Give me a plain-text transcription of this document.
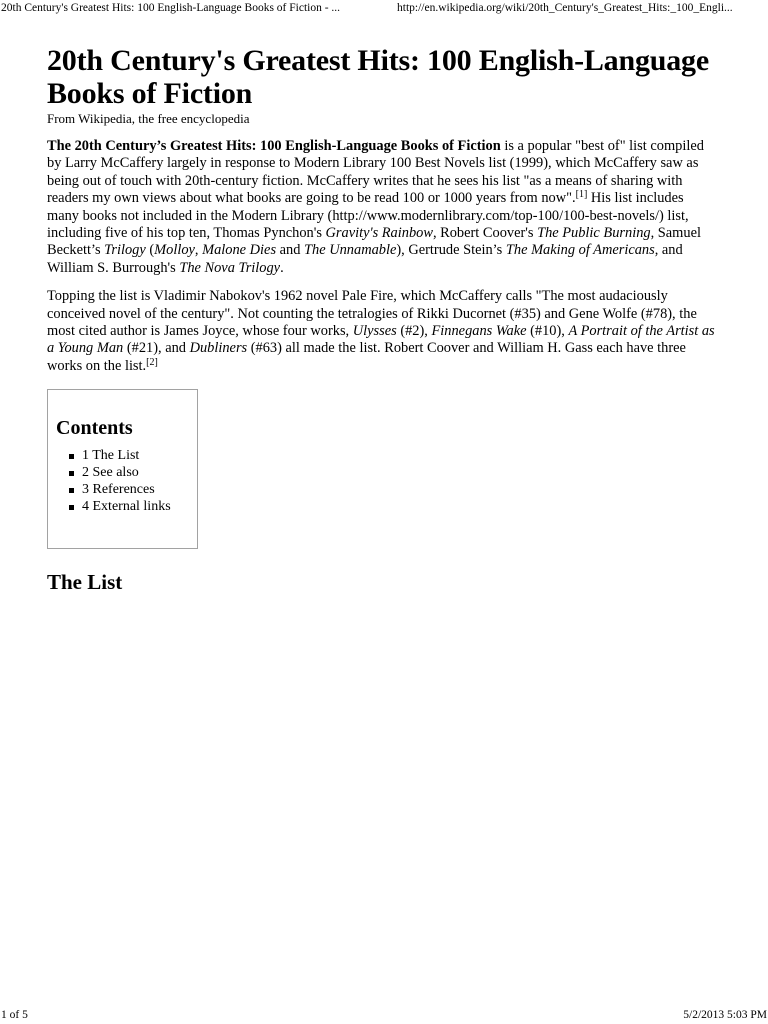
20th Century's Greatest Hits: 100 English-Language Books of Fiction - ...	http://en.wikipedia.org/wiki/20th_Century's_Greatest_Hits:_100_Engli...
20th Century's Greatest Hits: 100 English-Language Books of Fiction
From Wikipedia, the free encyclopedia

The 20th Century’s Greatest Hits: 100 English-Language Books of Fiction is a popular "best of" list compiled by Larry McCaffery largely in response to Modern Library 100 Best Novels list (1999), which McCaffery saw as being out of touch with 20th-century fiction. McCaffery writes that he sees his list "as a means of sharing with readers my own views about what books are going to be read 100 or 1000 years from now".[1] His list includes many books not included in the Modern Library (http://www.modernlibrary.com/top-100/100-best-novels/) list, including five of his top ten, Thomas Pynchon's Gravity's Rainbow, Robert Coover's The Public Burning, Samuel Beckett’s Trilogy (Molloy, Malone Dies and The Unnamable), Gertrude Stein’s The Making of Americans, and William S. Burrough's The Nova Trilogy.

Topping the list is Vladimir Nabokov's 1962 novel Pale Fire, which McCaffery calls "The most audaciously conceived novel of the century". Not counting the tetralogies of Rikki Ducornet (#35) and Gene Wolfe (#78), the most cited author is James Joyce, whose four works, Ulysses (#2), Finnegans Wake (#10), A Portrait of the Artist as a Young Man (#21), and Dubliners (#63) all made the list. Robert Coover and William H. Gass each have three works on the list.[2]

Contents
1 The List
2 See also
3 References
4 External links
The List
1 of 5	5/2/2013 5:03 PM
